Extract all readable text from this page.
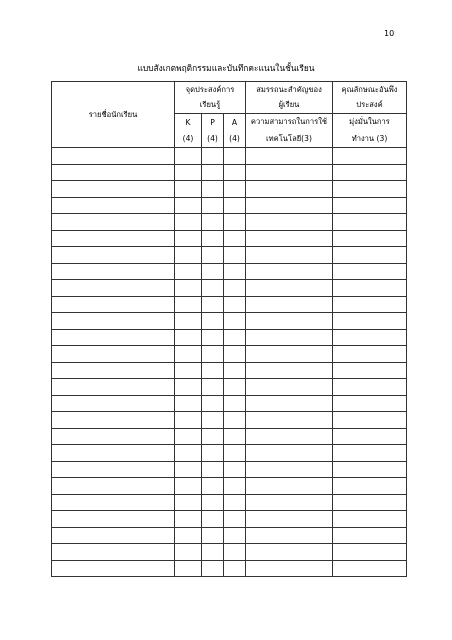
10
แบบสังเกตพฤติกรรมและบันทึกคะแนนในชั้นเรียน
รายชื่อนักเรียน	จุดประสงค์การ			สมรรถนะสำคัญของ	คุณลักษณะอันพึง
	เรียนรู้			ผู้เรียน	ประสงค์
	K	P	A	ความสามารถในการใช้	มุ่งมั่นในการ
	(4)	(4)	(4)	เทคโนโลยี(3)	ทำงาน (3)
